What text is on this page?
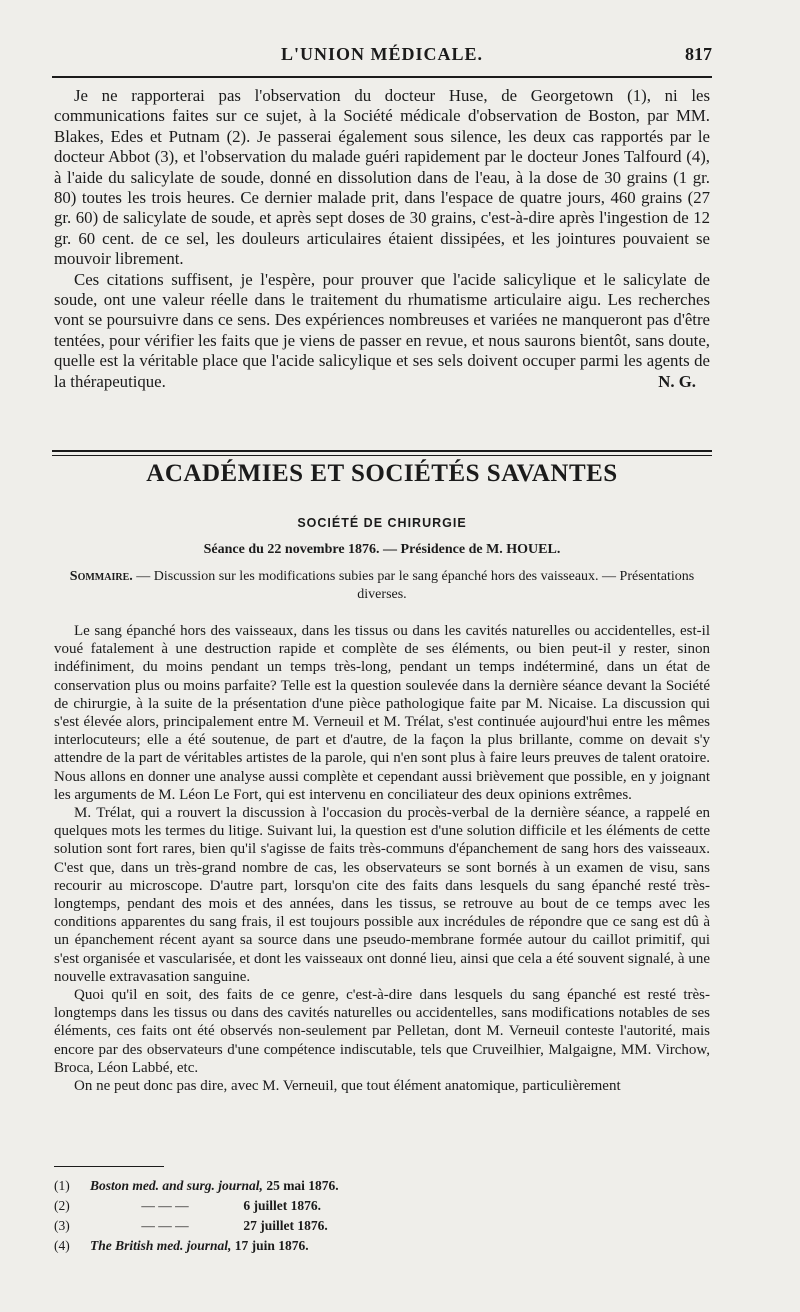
L'UNION MÉDICALE.	817

Je ne rapporterai pas l'observation du docteur Huse, de Georgetown (1), ni les communications faites sur ce sujet, à la Société médicale d'observation de Boston, par MM. Blakes, Edes et Putnam (2). Je passerai également sous silence, les deux cas rapportés par le docteur Abbot (3), et l'observation du malade guéri rapidement par le docteur Jones Talfourd (4), à l'aide du salicylate de soude, donné en dissolution dans de l'eau, à la dose de 30 grains (1 gr. 80) toutes les trois heures. Ce dernier malade prit, dans l'espace de quatre jours, 460 grains (27 gr. 60) de salicylate de soude, et après sept doses de 30 grains, c'est-à-dire après l'ingestion de 12 gr. 60 cent. de ce sel, les douleurs articulaires étaient dissipées, et les jointures pouvaient se mouvoir librement.

Ces citations suffisent, je l'espère, pour prouver que l'acide salicylique et le salicylate de soude, ont une valeur réelle dans le traitement du rhumatisme articulaire aigu. Les recherches vont se poursuivre dans ce sens. Des expériences nombreuses et variées ne manqueront pas d'être tentées, pour vérifier les faits que je viens de passer en revue, et nous saurons bientôt, sans doute, quelle est la véritable place que l'acide salicylique et ses sels doivent occuper parmi les agents de la thérapeutique.	N. G.

ACADÉMIES ET SOCIÉTÉS SAVANTES
SOCIÉTÉ DE CHIRURGIE
Séance du 22 novembre 1876. — Présidence de M. HOUEL.
Sommaire. — Discussion sur les modifications subies par le sang épanché hors des vaisseaux. — Présentations diverses.

Le sang épanché hors des vaisseaux, dans les tissus ou dans les cavités naturelles ou accidentelles, est-il voué fatalement à une destruction rapide et complète de ses éléments, ou bien peut-il y rester, sinon indéfiniment, du moins pendant un temps très-long, pendant un temps indéterminé, dans un état de conservation plus ou moins parfaite? Telle est la question soulevée dans la dernière séance devant la Société de chirurgie, à la suite de la présentation d'une pièce pathologique faite par M. Nicaise. La discussion qui s'est élevée alors, principalement entre M. Verneuil et M. Trélat, s'est continuée aujourd'hui entre les mêmes interlocuteurs; elle a été soutenue, de part et d'autre, de la façon la plus brillante, comme on devait s'y attendre de la part de véritables artistes de la parole, qui n'en sont plus à faire leurs preuves de talent oratoire. Nous allons en donner une analyse aussi complète et cependant aussi brièvement que possible, en y joignant les arguments de M. Léon Le Fort, qui est intervenu en conciliateur des deux opinions extrêmes.

M. Trélat, qui a rouvert la discussion à l'occasion du procès-verbal de la dernière séance, a rappelé en quelques mots les termes du litige. Suivant lui, la question est d'une solution difficile et les éléments de cette solution sont fort rares, bien qu'il s'agisse de faits très-communs d'épanchement de sang hors des vaisseaux. C'est que, dans un très-grand nombre de cas, les observateurs se sont bornés à un examen de visu, sans recourir au microscope. D'autre part, lorsqu'on cite des faits dans lesquels du sang épanché resté très-longtemps, pendant des mois et des années, dans les tissus, se retrouve au bout de ce temps avec les conditions apparentes du sang frais, il est toujours possible aux incrédules de répondre que ce sang est dû à un épanchement récent ayant sa source dans une pseudo-membrane formée autour du caillot primitif, qui s'est organisée et vascularisée, et dont les vaisseaux ont donné lieu, ainsi que cela a été souvent signalé, à une nouvelle extravasation sanguine.

Quoi qu'il en soit, des faits de ce genre, c'est-à-dire dans lesquels du sang épanché est resté très-longtemps dans les tissus ou dans des cavités naturelles ou accidentelles, sans modifications notables de ses éléments, ces faits ont été observés non-seulement par Pelletan, dont M. Verneuil conteste l'autorité, mais encore par des observateurs d'une compétence indiscutable, tels que Cruveilhier, Malgaigne, MM. Virchow, Broca, Léon Labbé, etc.

On ne peut donc pas dire, avec M. Verneuil, que tout élément anatomique, particulièrement

(1) Boston med. and surg. journal, 25 mai 1876.
(2)	— — —	6 juillet 1876.
(3)	— — —	27 juillet 1876.
(4) The British med. journal, 17 juin 1876.
